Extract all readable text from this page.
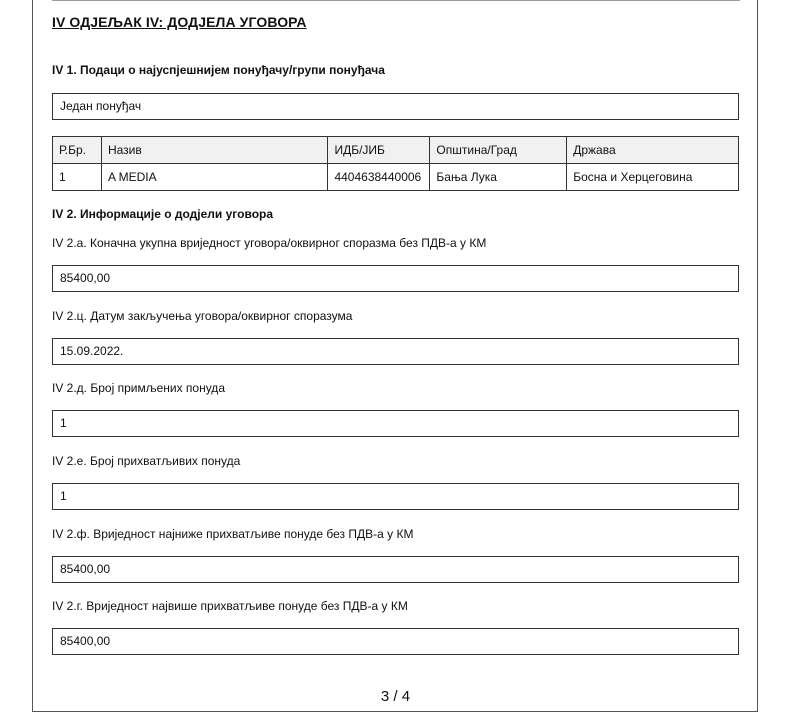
IV ОДЈЕЉАК IV: ДОДЈЕЛА УГОВОРА
IV 1. Подаци о најуспјешнијем понуђачу/групи понуђача
Један понуђач
Р.Бр.	Назив	ИДБ/ЈИБ	Општина/Град	Држава
1	A MEDIA	4404638440006	Бања Лука	Босна и Херцеговина
IV 2. Информације о додјели уговора
IV 2.а. Коначна укупна вриједност уговора/оквирног споразма без ПДВ-а у КМ
85400,00
IV 2.ц. Датум закључења уговора/оквирног споразума
15.09.2022.
IV 2.д. Број примљених понуда
1
IV 2.е. Број прихватљивих понуда
1
IV 2.ф. Вриједност најниже прихватљиве понуде без ПДВ-а у КМ
85400,00
IV 2.г. Вриједност највише прихватљиве понуде без ПДВ-а у КМ
85400,00
3 / 4
